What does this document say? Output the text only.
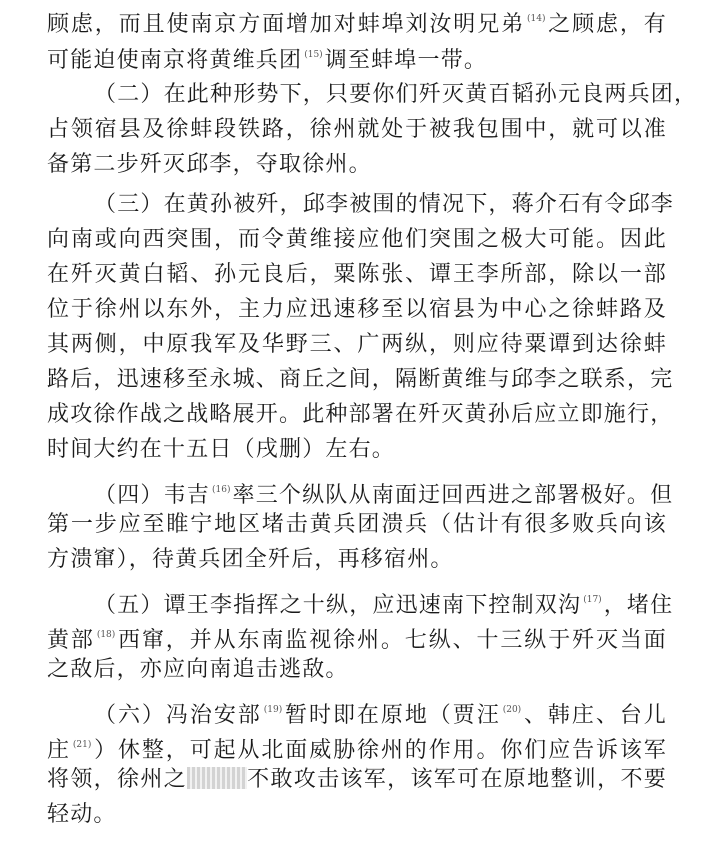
顾虑，而且使南京方面增加对蚌埠刘汝明兄弟 $^{(14)}$之顾虑，有
可能迫使南京将黄维兵团 $^{(15)}$调至蚌埠一带。
（二）在此种形势下，只要你们歼灭黄百韬孙元良两兵团，
占领宿县及徐蚌段铁路，徐州就处于被我包围中，就可以准
备第二步歼灭邱李，夺取徐州。
（三）在黄孙被歼，邱李被围的情况下，蒋介石有令邱李
向南或向西突围，而令黄维接应他们突围之极大可能。因此
在歼灭黄白韬、孙元良后，粟陈张、谭王李所部，除以一部
位于徐州以东外，主力应迅速移至以宿县为中心之徐蚌路及
其两侧，中原我军及华野三、广两纵，则应待粟谭到达徐蚌
路后，迅速移至永城、商丘之间，隔断黄维与邱李之联系，完
成攻徐作战之战略展开。此种部署在歼灭黄孙后应立即施行，
时间大约在十五日（戌删）左右。
（四）韦吉 $^{(16)}$率三个纵队从南面迂回西进之部署极好。但
第一步应至睢宁地区堵击黄兵团溃兵（估计有很多败兵向该
方溃窜），待黄兵团全歼后，再移宿州。
（五）谭王李指挥之十纵，应迅速南下控制双沟 $^{(17)}$，堵住
黄部 $^{(18)}$西窜，并从东南监视徐州。七纵、十三纵于歼灭当面
之敌后，亦应向南追击逃敌。
（六）冯治安部 $^{(19)}$暂时即在原地（贾汪 $^{(20)}$、韩庄、台儿
庄 $^{(21)}$）休整，可起从北面威胁徐州的作用。你们应告诉该军
将领，徐州之	不敢攻击该军，该军可在原地整训，不要
轻动。
